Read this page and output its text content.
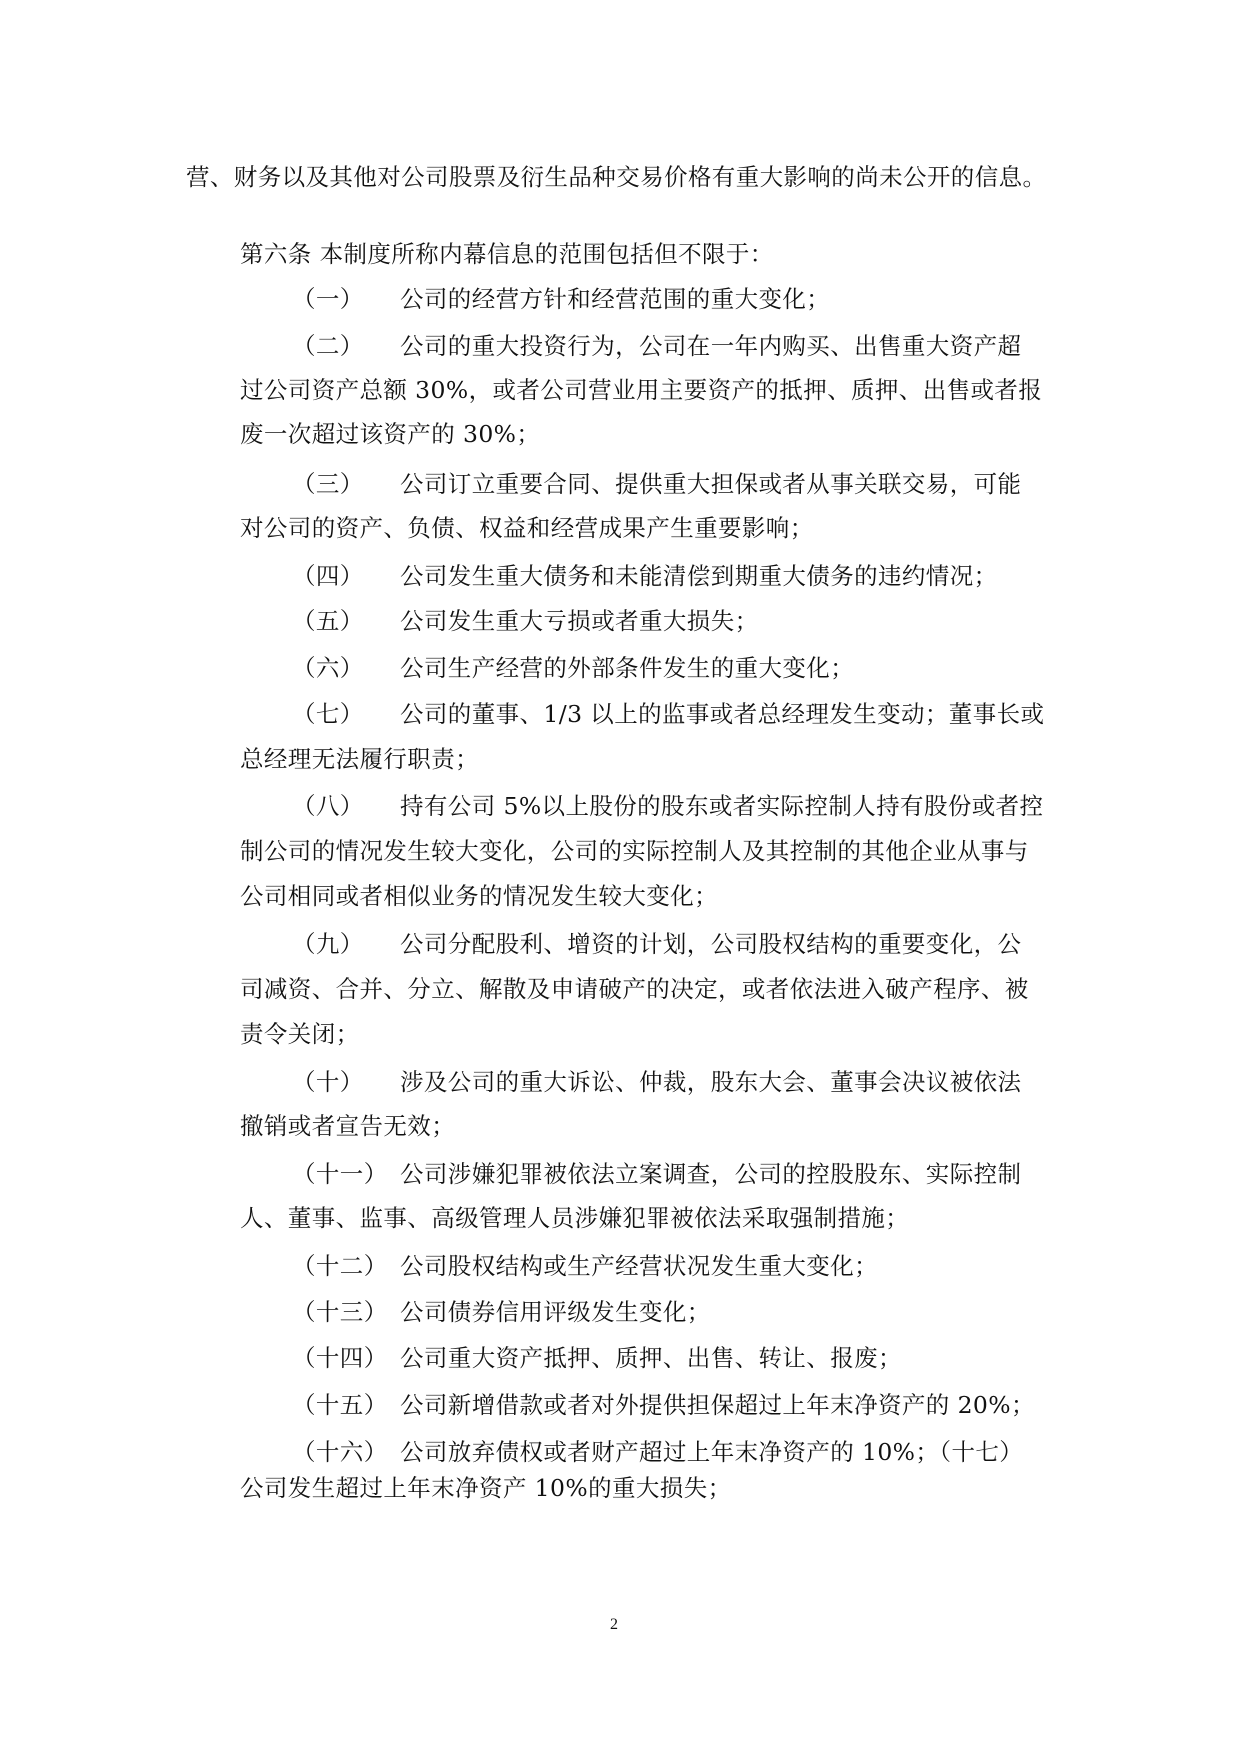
营、财务以及其他对公司股票及衍生品种交易价格有重大影响的尚未公开的信息。
第六条 本制度所称内幕信息的范围包括但不限于：
（一） 公司的经营方针和经营范围的重大变化；
（二） 公司的重大投资行为，公司在一年内购买、出售重大资产超
过公司资产总额 30%，或者公司营业用主要资产的抵押、质押、出售或者报
废一次超过该资产的 30%；
（三） 公司订立重要合同、提供重大担保或者从事关联交易，可能
对公司的资产、负债、权益和经营成果产生重要影响；
（四） 公司发生重大债务和未能清偿到期重大债务的违约情况；
（五） 公司发生重大亏损或者重大损失；
（六） 公司生产经营的外部条件发生的重大变化；
（七） 公司的董事、1/3 以上的监事或者总经理发生变动；董事长或
总经理无法履行职责；
（八） 持有公司 5%以上股份的股东或者实际控制人持有股份或者控
制公司的情况发生较大变化，公司的实际控制人及其控制的其他企业从事与
公司相同或者相似业务的情况发生较大变化；
（九） 公司分配股利、增资的计划，公司股权结构的重要变化，公
司减资、合并、分立、解散及申请破产的决定，或者依法进入破产程序、被
责令关闭；
（十） 涉及公司的重大诉讼、仲裁，股东大会、董事会决议被依法
撤销或者宣告无效；
（十一） 公司涉嫌犯罪被依法立案调查，公司的控股股东、实际控制
人、董事、监事、高级管理人员涉嫌犯罪被依法采取强制措施；
（十二） 公司股权结构或生产经营状况发生重大变化；
（十三） 公司债券信用评级发生变化；
（十四） 公司重大资产抵押、质押、出售、转让、报废；
（十五） 公司新增借款或者对外提供担保超过上年末净资产的 20%；
（十六） 公司放弃债权或者财产超过上年末净资产的 10%；（十七）
公司发生超过上年末净资产 10%的重大损失；
2
